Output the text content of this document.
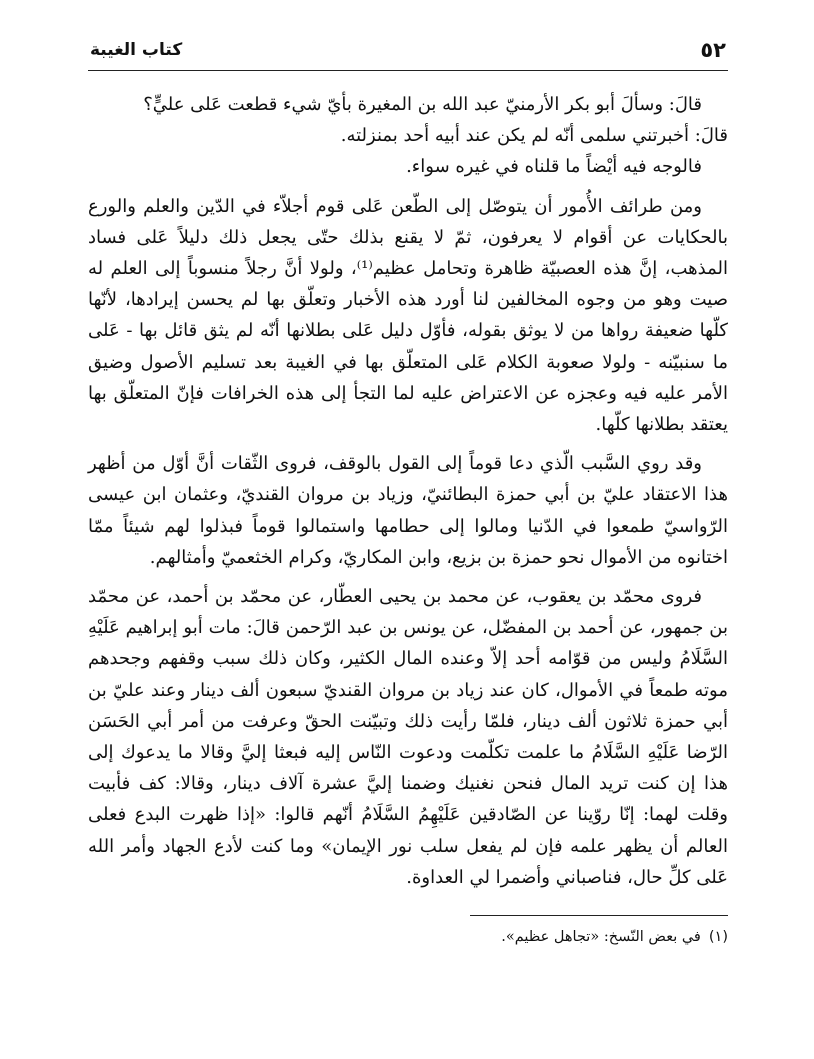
٥٢
كتاب الغيبة

قالَ: وسألَ أبو بكر الأرمنيّ عبد الله بن المغيرة بأيّ شيء قطعت عَلى عليٍّ؟

قالَ: أخبرتني سلمى أنّه لم يكن عند أبيه أحد بمنزلته.

فالوجه فيه أيْضاً ما قلناه في غيره سواء.

ومن طرائف الأُمور أن يتوصّل إلى الطّعن عَلى قوم أجلاّء في الدّين والعلم والورع بالحكايات عن أقوام لا يعرفون، ثمّ لا يقنع بذلك حتّى يجعل ذلك دليلاً عَلى فساد المذهب، إنَّ هذه العصبيّة ظاهرة وتحامل عظيم⁽¹⁾، ولولا أنَّ رجلاً منسوباً إلى العلم له صيت وهو من وجوه المخالفين لنا أورد هذه الأخبار وتعلّق بها لم يحسن إيرادها، لأنّها كلّها ضعيفة رواها من لا يوثق بقوله، فأوّل دليل عَلى بطلانها أنّه لم يثق قائل بها - عَلى ما سنبيّنه - ولولا صعوبة الكلام عَلى المتعلّق بها في الغيبة بعد تسليم الأصول وضيق الأمر عليه فيه وعجزه عن الاعتراض عليه لما التجأ إلى هذه الخرافات فإنّ المتعلّق بها يعتقد بطلانها كلّها.

وقد روي السَّبب الّذي دعا قوماً إلى القول بالوقف، فروى الثّقات أنَّ أوّل من أظهر هذا الاعتقاد عليّ بن أبي حمزة البطائنيّ، وزياد بن مروان القنديّ، وعثمان ابن عيسى الرّواسيّ طمعوا في الدّنيا ومالوا إلى حطامها واستمالوا قوماً فبذلوا لهم شيئاً ممّا اختانوه من الأموال نحو حمزة بن بزيع، وابن المكاريّ، وكرام الخثعميّ وأمثالهم.

فروى محمّد بن يعقوب، عن محمد بن يحيى العطّار، عن محمّد بن أحمد، عن محمّد بن جمهور، عن أحمد بن المفضّل، عن يونس بن عبد الرّحمن قالَ: مات أبو إبراهيم عَلَيْهِ السَّلَامُ وليس من قوّامه أحد إلاّ وعنده المال الكثير، وكان ذلك سبب وقفهم وجحدهم موته طمعاً في الأموال، كان عند زياد بن مروان القنديّ سبعون ألف دينار وعند عليّ بن أبي حمزة ثلاثون ألف دينار، فلمّا رأيت ذلك وتبيّنت الحقّ وعرفت من أمر أبي الحَسَن الرّضا عَلَيْهِ السَّلَامُ ما علمت تكلّمت ودعوت النّاس إليه فبعثا إليَّ وقالا ما يدعوك إلى هذا إن كنت تريد المال فنحن نغنيك وضمنا إليَّ عشرة آلاف دينار، وقالا: كف فأبيت وقلت لهما: إنّا روّينا عن الصّادقين عَلَيْهِمُ السَّلَامُ أنّهم قالوا: «إذا ظهرت البدع فعلى العالم أن يظهر علمه فإن لم يفعل سلب نور الإيمان» وما كنت لأدع الجهاد وأمر الله عَلى كلِّ حال، فناصباني وأضمرا لي العداوة.

(١)في بعض النّسخ: «تجاهل عظيم».
